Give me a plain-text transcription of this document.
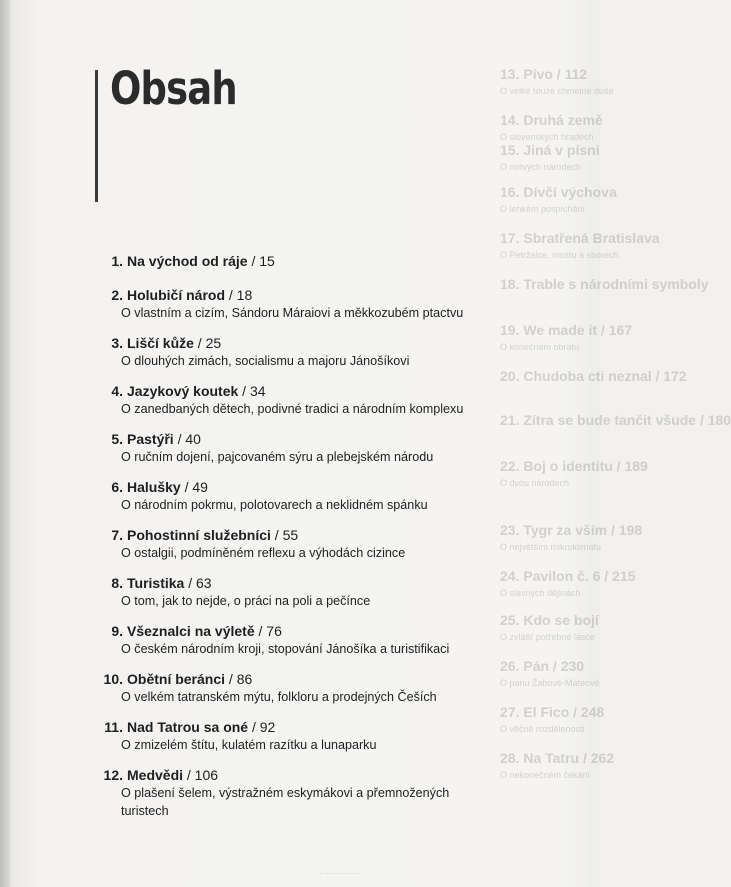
13. Pivo / 112
O velké touze chmelné duše
14. Druhá země
O slovenských hradech
15. Jiná v písni
O mrtvých národech
16. Dívčí výchova
O lehkém pospíchání
17. Sbratřená Bratislava
O Petržalce, mostu a sborech
18. Trable s národními symboly
19. We made it / 167
O konečném obratu
20. Chudoba cti neznal / 172
21. Zítra se bude tančit všude / 180
22. Boj o identitu / 189
O dvou národech
23. Tygr za vším / 198
O největším mikroklimatu
24. Pavilon č. 6 / 215
O slavných dějinách
25. Kdo se bojí
O zvlášť potřebné lásce
26. Pán / 230
O panu Žabové-Máteové
27. El Fico / 248
O věčné rozdělenosti
28. Na Tatru / 262
O nekonečném čekání
Obsah
1. Na východ od ráje / 15
2. Holubičí národ / 18
O vlastním a cizím, Sándoru Máraiovi a měkkozubém ptactvu
3. Liščí kůže / 25
O dlouhých zimách, socialismu a majoru Jánošíkovi
4. Jazykový koutek / 34
O zanedbaných dětech, podivné tradici a národním komplexu
5. Pastýři / 40
O ručním dojení, pajcovaném sýru a plebejském národu
6. Halušky / 49
O národním pokrmu, polotovarech a neklidném spánku
7. Pohostinní služebníci / 55
O ostalgii, podmíněném reflexu a výhodách cizince
8. Turistika / 63
O tom, jak to nejde, o práci na poli a pečínce
9. Všeznalci na výletě / 76
O českém národním kroji, stopování Jánošíka a turistifikaci
10. Obětní beránci / 86
O velkém tatranském mýtu, folkloru a prodejných Češích
11. Nad Tatrou sa oné / 92
O zmizelém štítu, kulatém razítku a lunaparku
12. Medvědi / 106
O plašení šelem, výstražném eskymákovi a přemnožených turistech
